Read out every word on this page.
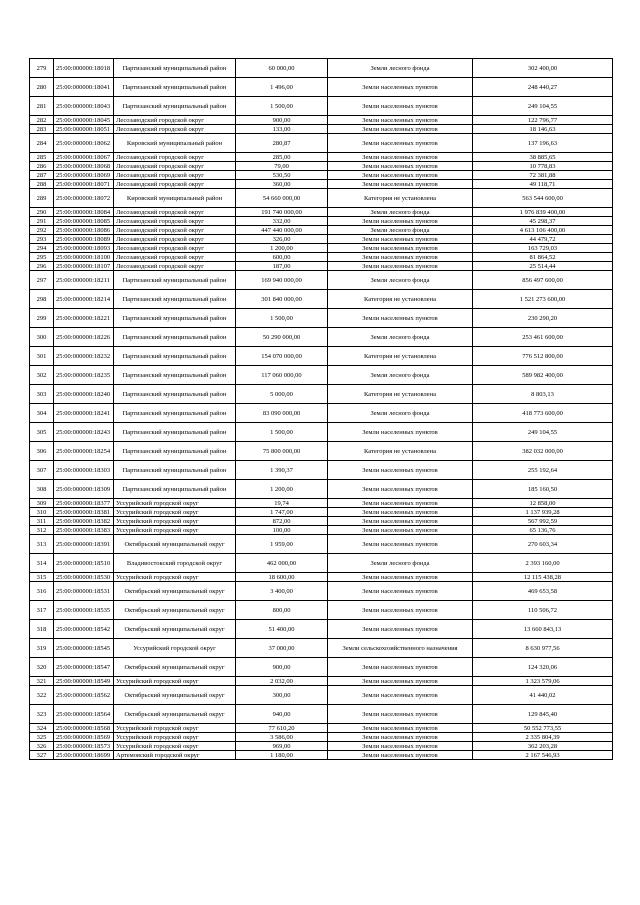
279	25:00:000000:18018	Партизанский муниципальный район	60 000,00	Земли лесного фонда	302 400,00
280	25:00:000000:18041	Партизанский муниципальный район	1 496,00	Земли населенных пунктов	248 440,27
281	25:00:000000:18043	Партизанский муниципальный район	1 500,00	Земли населенных пунктов	249 104,55
282	25:00:000000:18045	Лесозаводский городской округ	900,00	Земли населенных пунктов	122 796,77
283	25:00:000000:18051	Лесозаводский городской округ	133,00	Земли населенных пунктов	18 146,63
284	25:00:000000:18062	Кировский муниципальный район	280,87	Земли населенных пунктов	137 196,63
285	25:00:000000:18067	Лесозаводский городской округ	285,00	Земли населенных пунктов	38 885,65
286	25:00:000000:18068	Лесозаводский городской округ	79,00	Земли населенных пунктов	10 778,83
287	25:00:000000:18069	Лесозаводский городской округ	530,50	Земли населенных пунктов	72 381,88
288	25:00:000000:18071	Лесозаводский городской округ	360,00	Земли населенных пунктов	49 118,71
289	25:00:000000:18072	Кировский муниципальный район	54 660 000,00	Категория не установлена	563 544 600,00
290	25:00:000000:18084	Лесозаводский городской округ	191 740 000,00	Земли лесного фонда	1 976 839 400,00
291	25:00:000000:18085	Лесозаводский городской округ	332,00	Земли населенных пунктов	45 298,37
292	25:00:000000:18086	Лесозаводский городской округ	447 440 000,00	Земли лесного фонда	4 613 106 400,00
293	25:00:000000:18089	Лесозаводский городской округ	326,00	Земли населенных пунктов	44 479,72
294	25:00:000000:18093	Лесозаводский городской округ	1 200,00	Земли населенных пунктов	163 729,03
295	25:00:000000:18100	Лесозаводский городской округ	600,00	Земли населенных пунктов	81 864,52
296	25:00:000000:18107	Лесозаводский городской округ	187,00	Земли населенных пунктов	25 514,44
297	25:00:000000:18211	Партизанский муниципальный район	169 940 000,00	Земли лесного фонда	856 497 600,00
298	25:00:000000:18214	Партизанский муниципальный район	301 840 000,00	Категория не установлена	1 521 273 600,00
299	25:00:000000:18221	Партизанский муниципальный район	1 500,00	Земли населенных пунктов	230 290,20
300	25:00:000000:18226	Партизанский муниципальный район	50 290 000,00	Земли лесного фонда	253 461 600,00
301	25:00:000000:18232	Партизанский муниципальный район	154 070 000,00	Категория не установлена	776 512 800,00
302	25:00:000000:18235	Партизанский муниципальный район	117 060 000,00	Земли лесного фонда	589 982 400,00
303	25:00:000000:18240	Партизанский муниципальный район	5 000,00	Категория не установлена	8 803,13
304	25:00:000000:18241	Партизанский муниципальный район	83 090 000,00	Земли лесного фонда	418 773 600,00
305	25:00:000000:18243	Партизанский муниципальный район	1 500,00	Земли населенных пунктов	249 104,55
306	25:00:000000:18254	Партизанский муниципальный район	75 800 000,00	Категория не установлена	382 032 000,00
307	25:00:000000:18303	Партизанский муниципальный район	1 390,37	Земли населенных пунктов	255 192,64
308	25:00:000000:18309	Партизанский муниципальный район	1 200,00	Земли населенных пунктов	185 160,50
309	25:00:000000:18377	Уссурийский городской округ	19,74	Земли населенных пунктов	12 858,00
310	25:00:000000:18381	Уссурийский городской округ	1 747,00	Земли населенных пунктов	1 137 939,28
311	25:00:000000:18382	Уссурийский городской округ	872,00	Земли населенных пунктов	567 992,59
312	25:00:000000:18383	Уссурийский городской округ	100,00	Земли населенных пунктов	65 136,76
313	25:00:000000:18391	Октябрьский муниципальный округ	1 959,00	Земли населенных пунктов	270 603,34
314	25:00:000000:18510	Владивостокский городской округ	462 000,00	Земли лесного фонда	2 393 160,00
315	25:00:000000:18530	Уссурийский городской округ	18 600,00	Земли населенных пунктов	12 115 438,28
316	25:00:000000:18531	Октябрьский муниципальный округ	3 400,00	Земли населенных пунктов	469 653,58
317	25:00:000000:18535	Октябрьский муниципальный округ	800,00	Земли населенных пунктов	110 506,72
318	25:00:000000:18542	Октябрьский муниципальный округ	51 400,00	Земли населенных пунктов	13 660 843,13
319	25:00:000000:18545	Уссурийский городской округ	37 000,00	Земли сельскохозяйственного назначения	8 630 977,56
320	25:00:000000:18547	Октябрьский муниципальный округ	900,00	Земли населенных пунктов	124 320,06
321	25:00:000000:18549	Уссурийский городской округ	2 032,00	Земли населенных пунктов	1 323 579,06
322	25:00:000000:18562	Октябрьский муниципальный округ	300,00	Земли населенных пунктов	41 440,02
323	25:00:000000:18564	Октябрьский муниципальный округ	940,00	Земли населенных пунктов	129 845,40
324	25:00:000000:18568	Уссурийский городской округ	77 610,20	Земли населенных пунктов	50 552 773,55
325	25:00:000000:18569	Уссурийский городской округ	3 586,00	Земли населенных пунктов	2 335 804,39
326	25:00:000000:18573	Уссурийский городской округ	969,00	Земли населенных пунктов	362 203,28
327	25:00:000000:18699	Артемовский городской округ	1 180,00	Земли населенных пунктов	2 167 546,93
